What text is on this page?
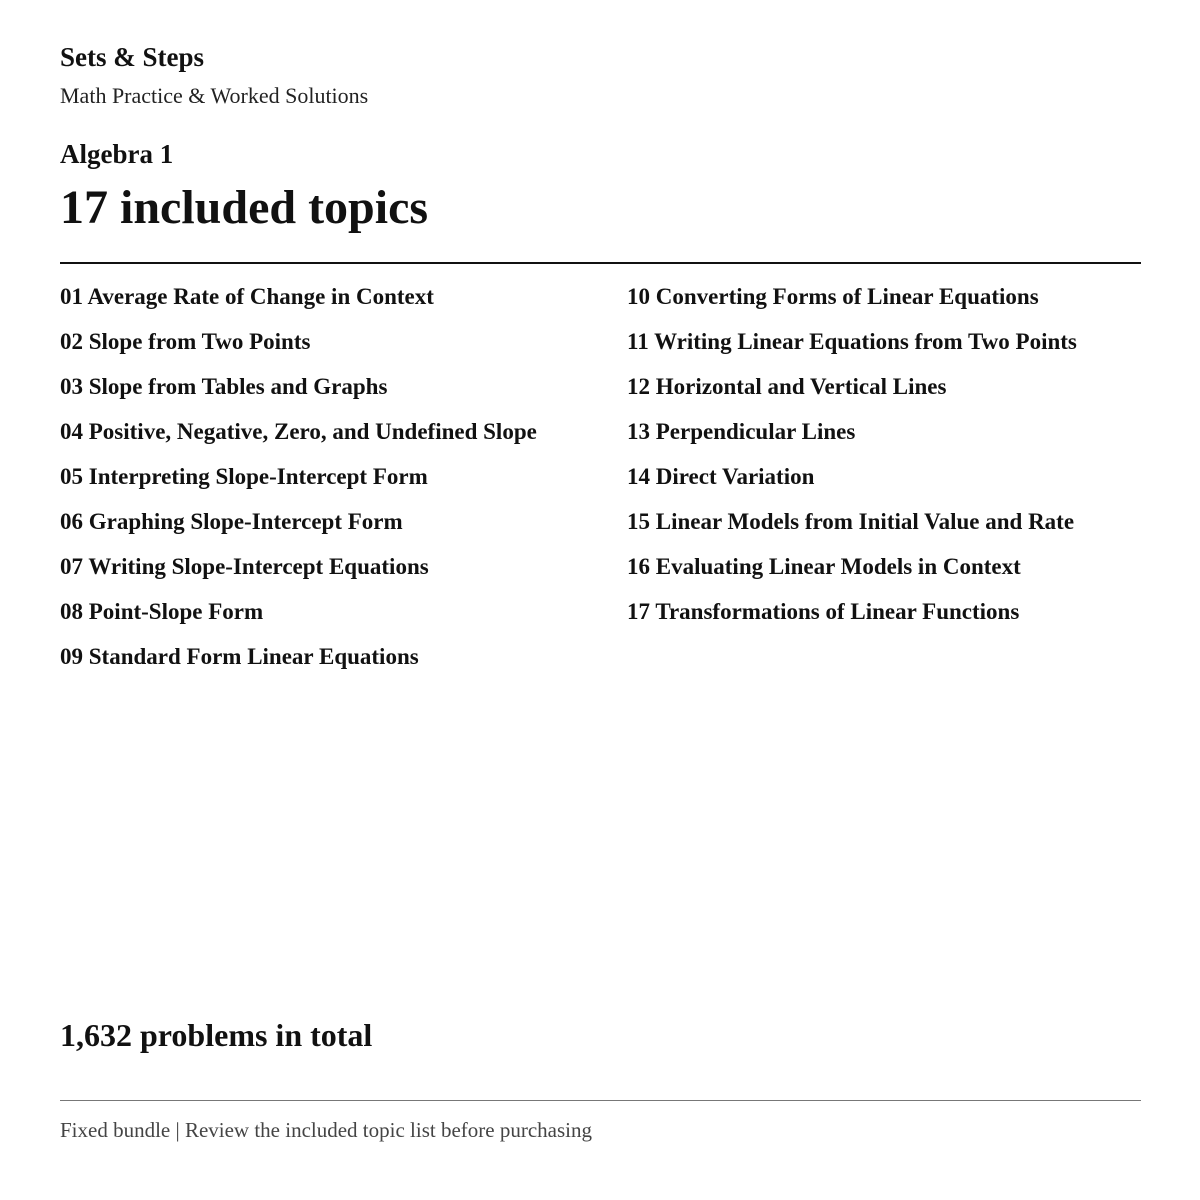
Sets & Steps
Math Practice & Worked Solutions
Algebra 1
17 included topics
01 Average Rate of Change in Context
02 Slope from Two Points
03 Slope from Tables and Graphs
04 Positive, Negative, Zero, and Undefined Slope
05 Interpreting Slope-Intercept Form
06 Graphing Slope-Intercept Form
07 Writing Slope-Intercept Equations
08 Point-Slope Form
09 Standard Form Linear Equations
10 Converting Forms of Linear Equations
11 Writing Linear Equations from Two Points
12 Horizontal and Vertical Lines
13 Perpendicular Lines
14 Direct Variation
15 Linear Models from Initial Value and Rate
16 Evaluating Linear Models in Context
17 Transformations of Linear Functions
1,632 problems in total
Fixed bundle | Review the included topic list before purchasing
